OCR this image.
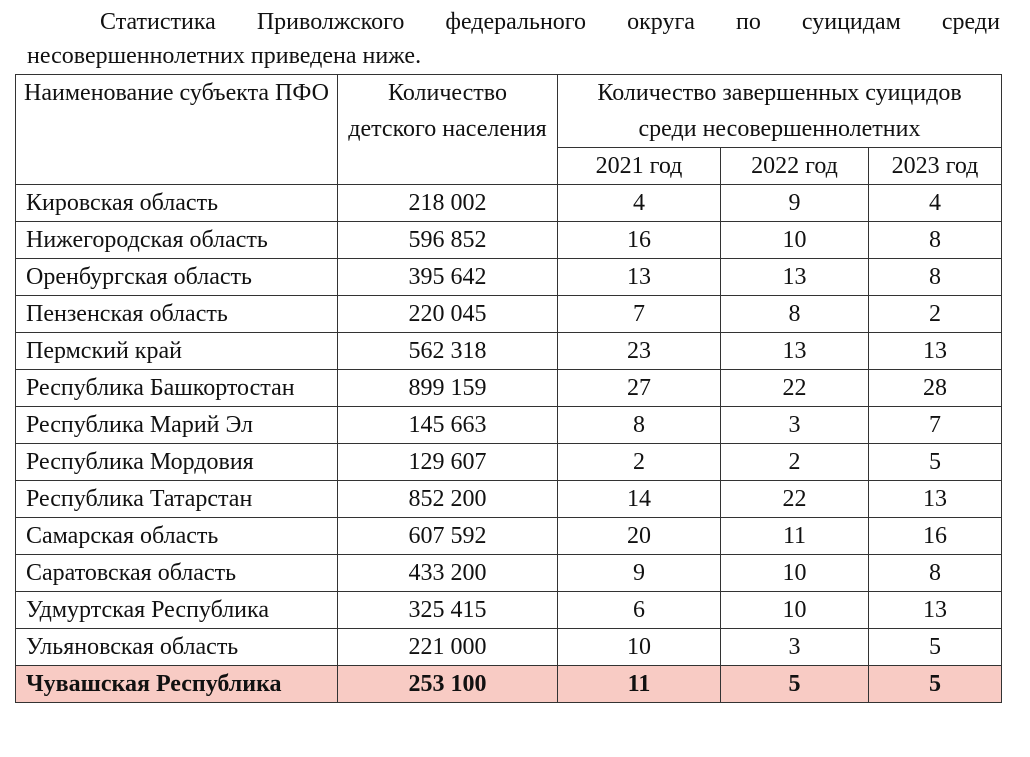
Статистика Приволжского федерального округа по суицидам среди
несовершеннолетних приведена ниже.
Наименование субъекта ПФО	Количество детского населения	Количество завершенных суицидов среди несовершеннолетних		
		2021 год	2022 год	2023 год
Кировская область	218 002	4	9	4
Нижегородская область	596 852	16	10	8
Оренбургская область	395 642	13	13	8
Пензенская область	220 045	7	8	2
Пермский край	562 318	23	13	13
Республика Башкортостан	899 159	27	22	28
Республика Марий Эл	145 663	8	3	7
Республика Мордовия	129 607	2	2	5
Республика Татарстан	852 200	14	22	13
Самарская область	607 592	20	11	16
Саратовская область	433 200	9	10	8
Удмуртская Республика	325 415	6	10	13
Ульяновская область	221 000	10	3	5
Чувашская Республика	253 100	11	5	5
